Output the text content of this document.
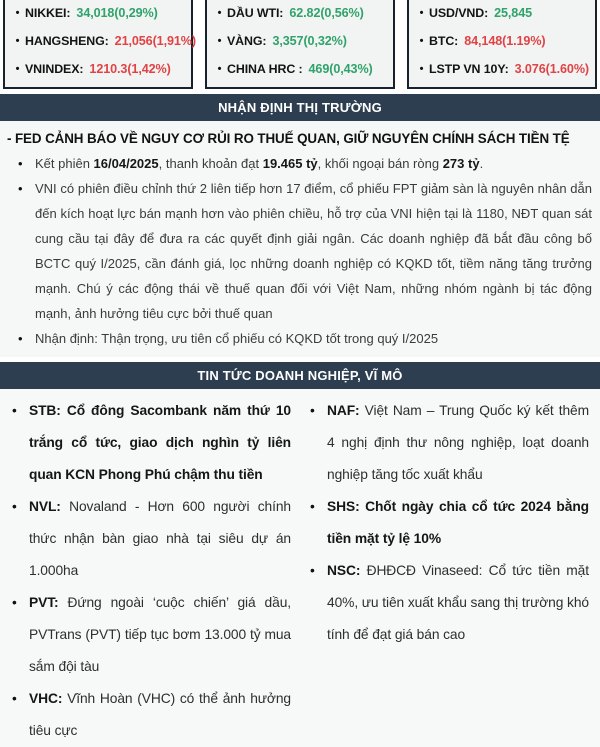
• NIKKEI: 34,018(0,29%)
• HANGSHENG: 21,056(1,91%)
• VNINDEX: 1210.3(1,42%)
• DẦU WTI: 62.82(0,56%)
• VÀNG: 3,357(0,32%)
• CHINA HRC : 469(0,43%)
• USD/VND: 25,845
• BTC: 84,148(1.19%)
• LSTP VN 10Y: 3.076(1.60%)
NHẬN ĐỊNH THỊ TRƯỜNG
- FED CẢNH BÁO VỀ NGUY CƠ RỦI RO THUẾ QUAN, GIỮ NGUYÊN CHÍNH SÁCH TIỀN TỆ
• Kết phiên 16/04/2025, thanh khoản đạt 19.465 tỷ, khối ngoại bán ròng 273 tỷ.
• VNI có phiên điều chỉnh thứ 2 liên tiếp hơn 17 điểm, cổ phiếu FPT giảm sàn là nguyên nhân dẫn đến kích hoạt lực bán mạnh hơn vào phiên chiều, hỗ trợ của VNI hiện tại là 1180, NĐT quan sát cung cầu tại đây để đưa ra các quyết định giải ngân. Các doanh nghiệp đã bắt đầu công bố BCTC quý I/2025, cần đánh giá, lọc những doanh nghiệp có KQKD tốt, tiềm năng tăng trưởng mạnh. Chú ý các động thái về thuế quan đối với Việt Nam, những nhóm ngành bị tác động mạnh, ảnh hưởng tiêu cực bởi thuế quan
• Nhận định: Thận trọng, ưu tiên cổ phiếu có KQKD tốt trong quý I/2025
TIN TỨC DOANH NGHIỆP, VĨ MÔ
• STB: Cổ đông Sacombank năm thứ 10 trắng cổ tức, giao dịch nghìn tỷ liên quan KCN Phong Phú chậm thu tiền
• NVL: Novaland - Hơn 600 người chính thức nhận bàn giao nhà tại siêu dự án 1.000ha
• PVT: Đứng ngoài ‘cuộc chiến’ giá dầu, PVTrans (PVT) tiếp tục bơm 13.000 tỷ mua sắm đội tàu
• VHC: Vĩnh Hoàn (VHC) có thể ảnh hưởng tiêu cực
• NAF: Việt Nam – Trung Quốc ký kết thêm 4 nghị định thư nông nghiệp, loạt doanh nghiệp tăng tốc xuất khẩu
• SHS: Chốt ngày chia cổ tức 2024 bằng tiền mặt tỷ lệ 10%
• NSC: ĐHĐCĐ Vinaseed: Cổ tức tiền mặt 40%, ưu tiên xuất khẩu sang thị trường khó tính để đạt giá bán cao
